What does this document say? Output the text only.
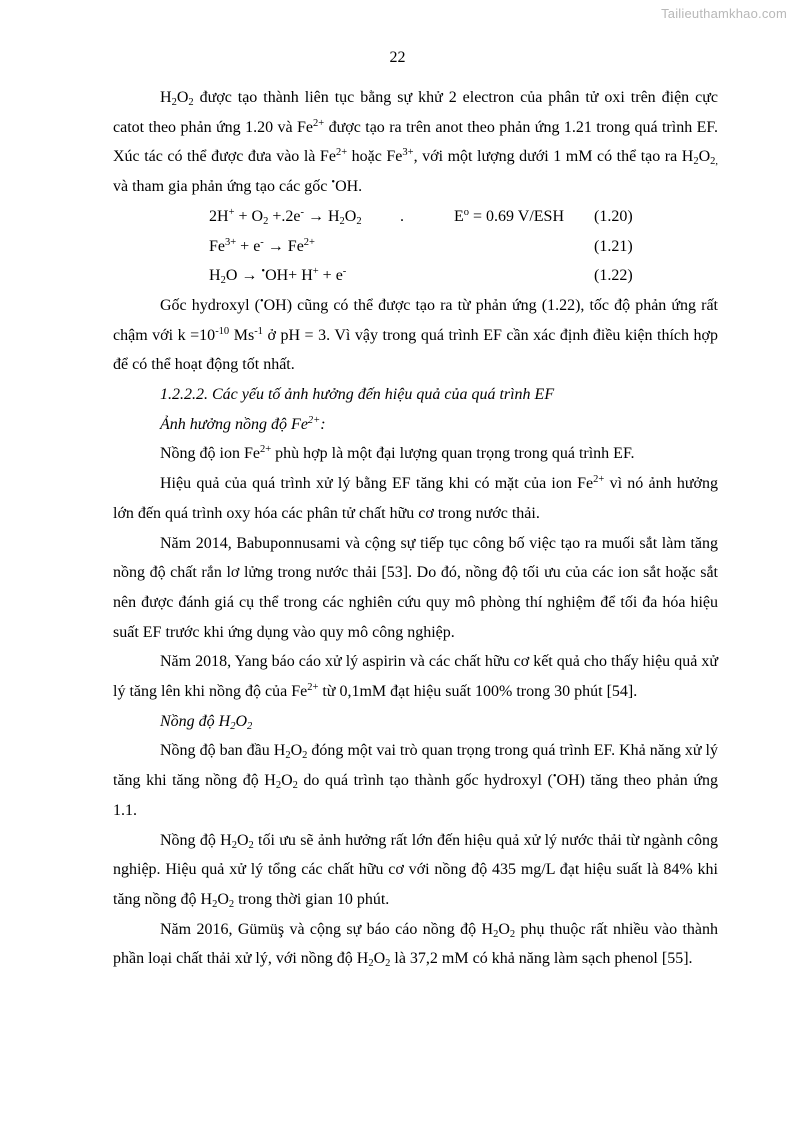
Tailieuthamkhao.com
22

$H_2O_2$ được tạo thành liên tục bằng sự khử 2 electron của phân tử oxi trên điện cực catot theo phản ứng 1.20 và $Fe^{2+}$ được tạo ra trên anot theo phản ứng 1.21 trong quá trình EF. Xúc tác có thể được đưa vào là $Fe^{2+}$ hoặc $Fe^{3+}$, với một lượng dưới 1 mM có thể tạo ra $H_2O_{2,}$ và tham gia phản ứng tạo các gốc •OH.

$2H^+ + O_2 +.2e^- \to H_2O_2$ .	$E^o = 0.69$ V/ESH (1.20)
$Fe^{3+} + e^- \to Fe^{2+}$	(1.21)
$H_2O \to ^•OH+ H^+ + e^-$	(1.22)

Gốc hydroxyl (•OH) cũng có thể được tạo ra từ phản ứng (1.22), tốc độ phản ứng rất chậm với $k =10^{-10}$ $Ms^{-1}$ ở pH = 3. Vì vậy trong quá trình EF cần xác định điều kiện thích hợp để có thể hoạt động tốt nhất.

1.2.2.2. Các yếu tố ảnh hưởng đến hiệu quả của quá trình EF

Ảnh hưởng nồng độ $Fe^{2+}$:

Nồng độ ion $Fe^{2+}$ phù hợp là một đại lượng quan trọng trong quá trình EF.

Hiệu quả của quá trình xử lý bằng EF tăng khi có mặt của ion $Fe^{2+}$ vì nó ảnh hưởng lớn đến quá trình oxy hóa các phân tử chất hữu cơ trong nước thải.

Năm 2014, Babuponnusami và cộng sự tiếp tục công bố việc tạo ra muối sắt làm tăng nồng độ chất rắn lơ lửng trong nước thải [53]. Do đó, nồng độ tối ưu của các ion sắt hoặc sắt nên được đánh giá cụ thể trong các nghiên cứu quy mô phòng thí nghiệm để tối đa hóa hiệu suất EF trước khi ứng dụng vào quy mô công nghiệp.

Năm 2018, Yang báo cáo xử lý aspirin và các chất hữu cơ kết quả cho thấy hiệu quả xử lý tăng lên khi nồng độ của $Fe^{2+}$ từ 0,1mM đạt hiệu suất 100% trong 30 phút [54].

Nồng độ $H_2O_2$

Nồng độ ban đầu $H_2O_2$ đóng một vai trò quan trọng trong quá trình EF. Khả năng xử lý tăng khi tăng nồng độ $H_2O_2$ do quá trình tạo thành gốc hydroxyl (•OH) tăng theo phản ứng 1.1.

Nồng độ $H_2O_2$ tối ưu sẽ ảnh hưởng rất lớn đến hiệu quả xử lý nước thải từ ngành công nghiệp. Hiệu quả xử lý tổng các chất hữu cơ với nồng độ 435 mg/L đạt hiệu suất là 84% khi tăng nồng độ $H_2O_2$ trong thời gian 10 phút.

Năm 2016, Gümüş và cộng sự báo cáo nồng độ $H_2O_2$ phụ thuộc rất nhiều vào thành phần loại chất thải xử lý, với nồng độ $H_2O_2$ là 37,2 mM có khả năng làm sạch phenol [55].
